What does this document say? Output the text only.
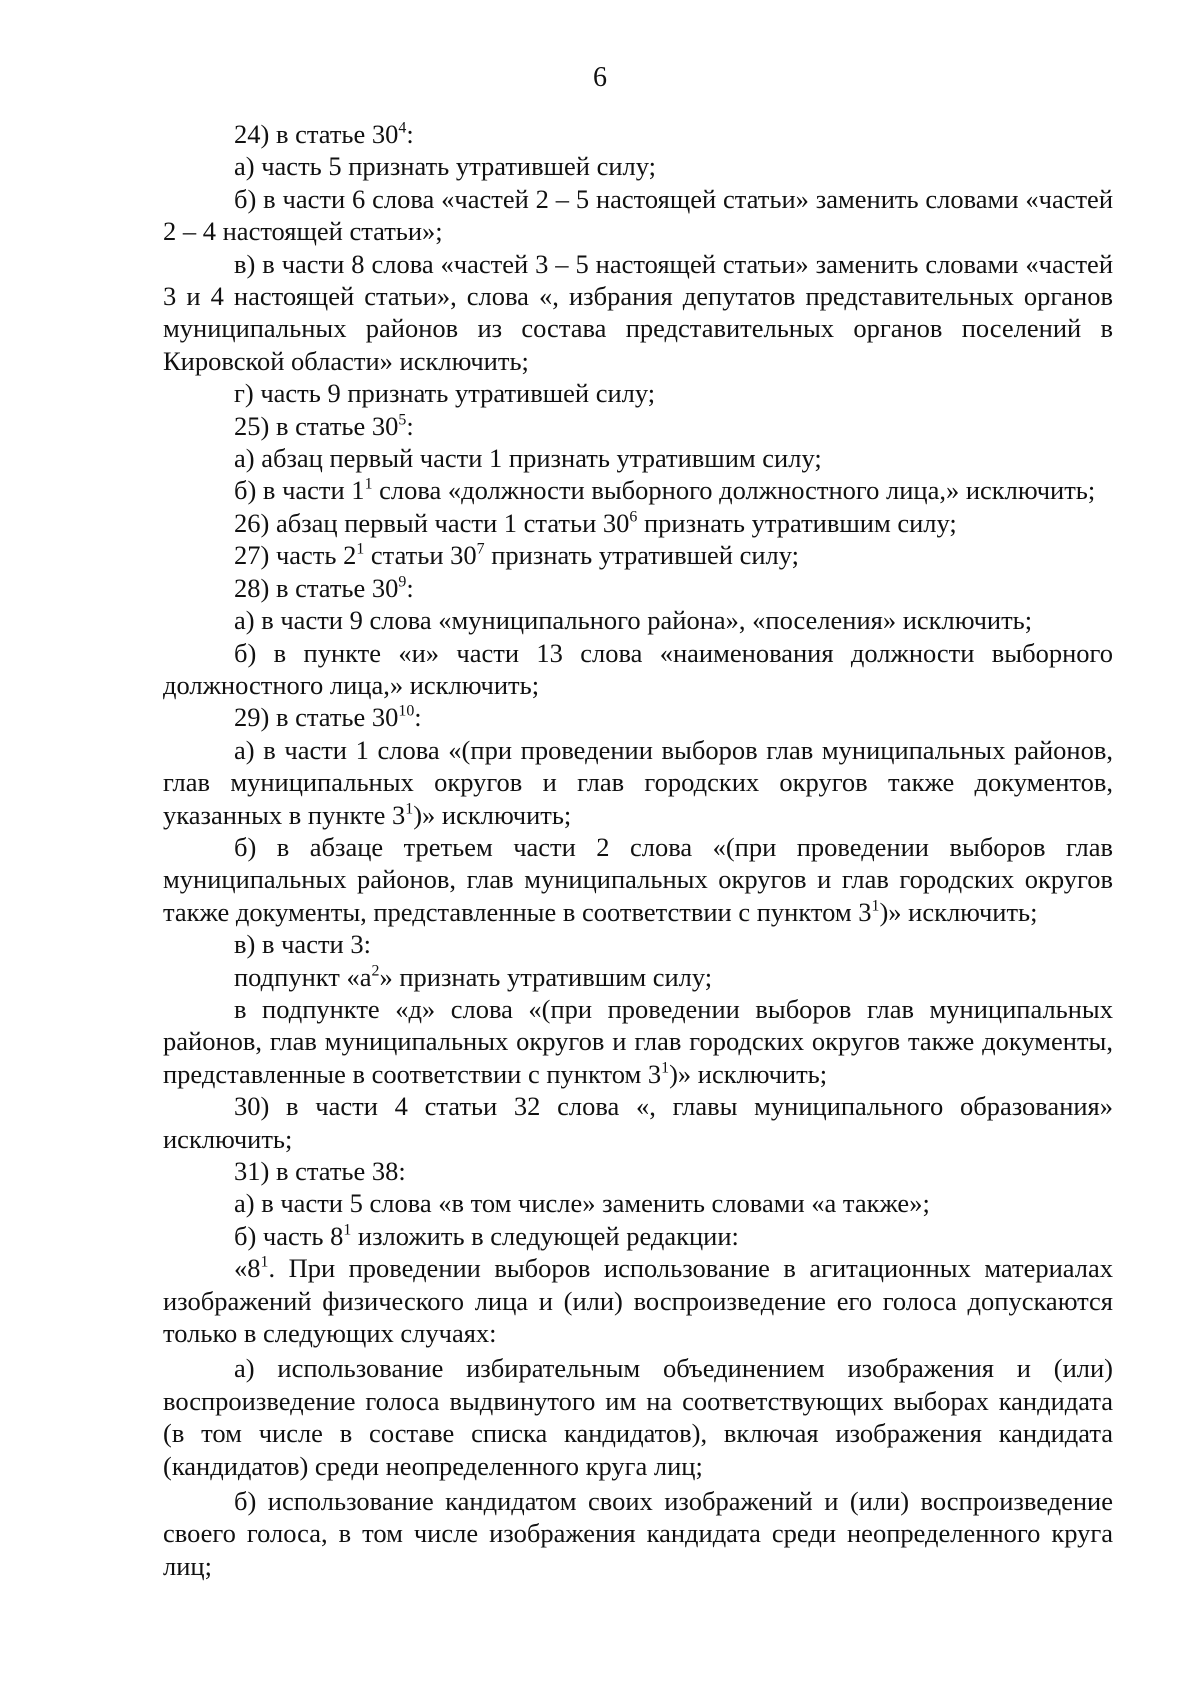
6

24) в статье $30^4$:

а) часть 5 признать утратившей силу;

б) в части 6 слова «частей 2 – 5 настоящей статьи» заменить словами «частей 2 – 4 настоящей статьи»;

в) в части 8 слова «частей 3 – 5 настоящей статьи» заменить словами «частей 3 и 4 настоящей статьи», слова «, избрания депутатов представительных органов муниципальных районов из состава представительных органов поселений в Кировской области» исключить;

г) часть 9 признать утратившей силу;

25) в статье $30^5$:

а) абзац первый части 1 признать утратившим силу;

б) в части $1^1$ слова «должности выборного должностного лица,» исключить;

26) абзац первый части 1 статьи $30^6$ признать утратившим силу;

27) часть $2^1$ статьи $30^7$ признать утратившей силу;

28) в статье $30^9$:

а) в части 9 слова «муниципального района», «поселения» исключить;

б) в пункте «и» части 13 слова «наименования должности выборного должностного лица,» исключить;

29) в статье $30^{10}$:

а) в части 1 слова «(при проведении выборов глав муниципальных районов, глав муниципальных округов и глав городских округов также документов, указанных в пункте $3^1$)» исключить;

б) в абзаце третьем части 2 слова «(при проведении выборов глав муниципальных районов, глав муниципальных округов и глав городских округов также документы, представленные в соответствии с пунктом $3^1$)» исключить;

в) в части 3:

подпункт «$а^2$» признать утратившим силу;

в подпункте «д» слова «(при проведении выборов глав муниципальных районов, глав муниципальных округов и глав городских округов также документы, представленные в соответствии с пунктом $3^1$)» исключить;

30) в части 4 статьи 32 слова «, главы муниципального образования» исключить;

31) в статье 38:

а) в части 5 слова «в том числе» заменить словами «а также»;

б) часть $8^1$ изложить в следующей редакции:

«$8^1$. При проведении выборов использование в агитационных материалах изображений физического лица и (или) воспроизведение его голоса допускаются только в следующих случаях:

а) использование избирательным объединением изображения и (или) воспроизведение голоса выдвинутого им на соответствующих выборах кандидата (в том числе в составе списка кандидатов), включая изображения кандидата (кандидатов) среди неопределенного круга лиц;

б) использование кандидатом своих изображений и (или) воспроизведение своего голоса, в том числе изображения кандидата среди неопределенного круга лиц;
